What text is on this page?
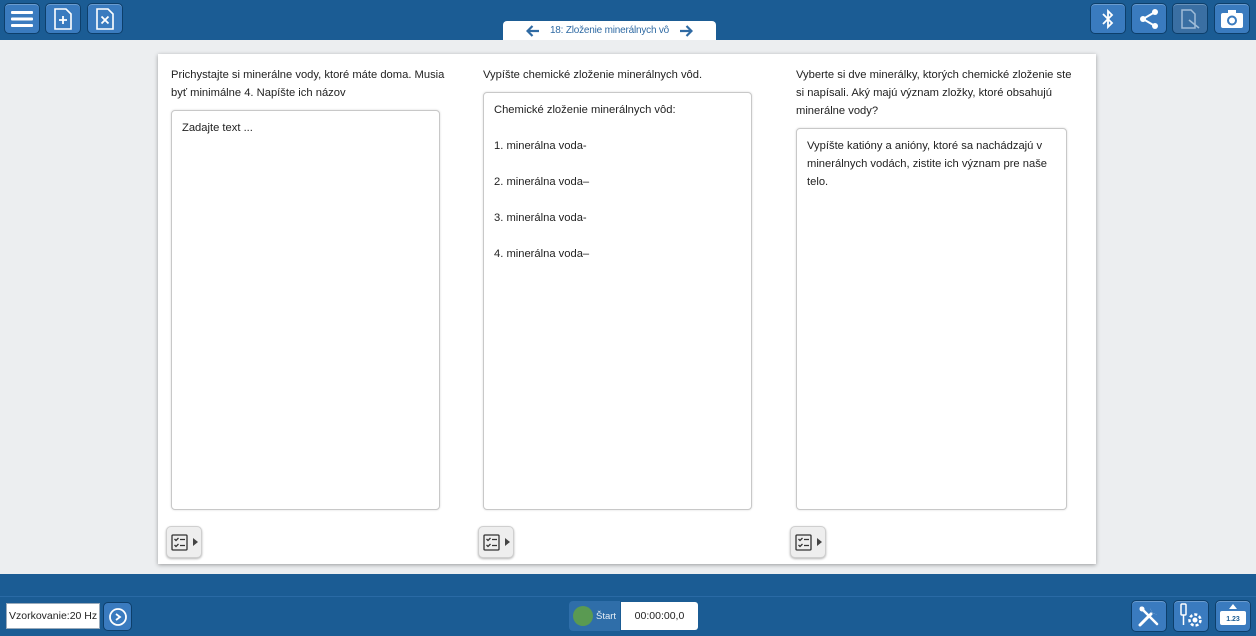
18: Zloženie minerálnych vô
Prichystajte si minerálne vody, ktoré máte doma. Musia
byť minimálne 4. Napíšte ich názov
Zadajte text ...
Vypíšte chemické zloženie minerálnych vôd.
Chemické zloženie minerálnych vôd:
1. minerálna voda-
2. minerálna voda–
3. minerálna voda-
4. minerálna voda–
Vyberte si dve minerálky, ktorých chemické zloženie ste
si napísali. Aký majú význam zložky, ktoré obsahujú
minerálne vody?
Vypíšte katióny a anióny, ktoré sa nachádzajú v
minerálnych vodách, zistite ich význam pre naše
telo.
Vzorkovanie:20 Hz	Štart	00:00:00,0	1.23
